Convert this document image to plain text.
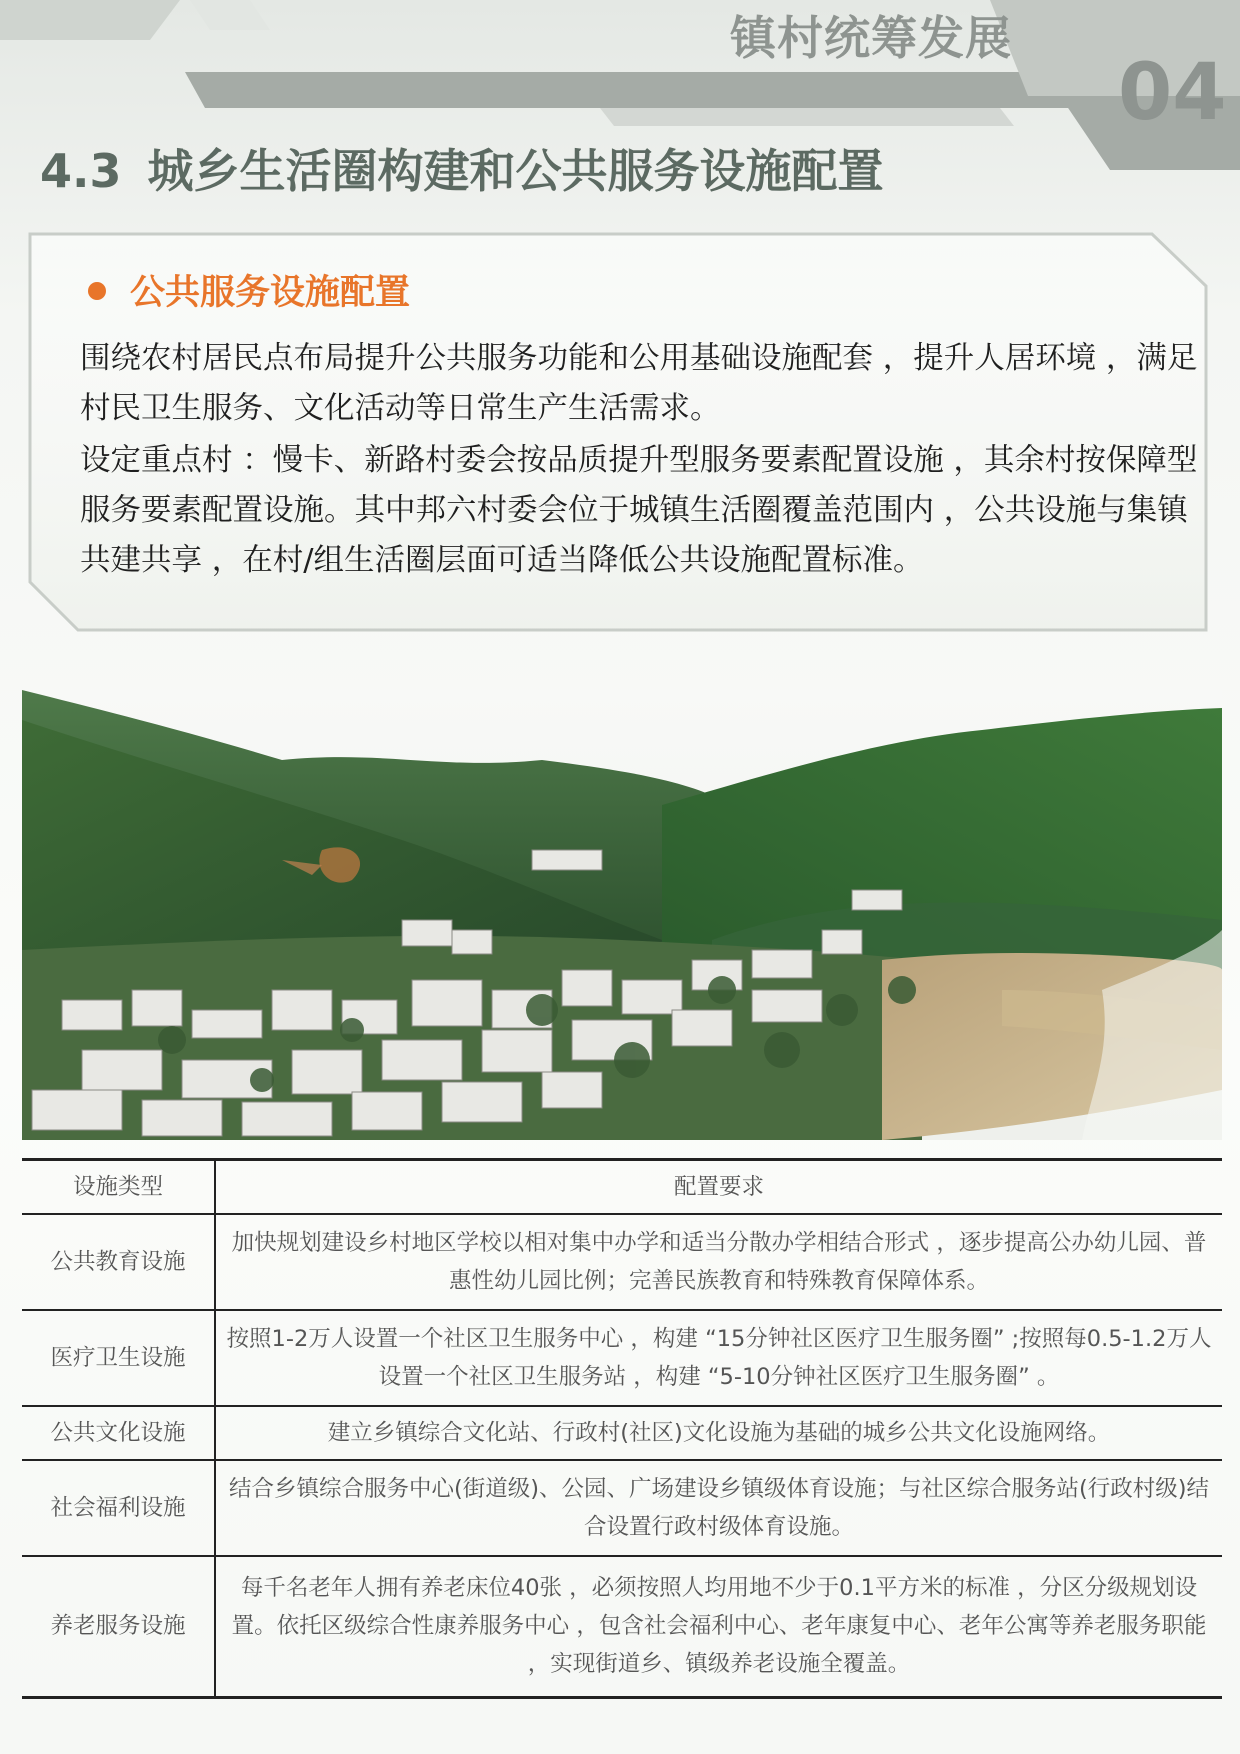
镇村统筹发展
04
4.3 城乡生活圈构建和公共服务设施配置
公共服务设施配置
围绕农村居民点布局提升公共服务功能和公用基础设施配套 ，提升人居环境 ，满足村民卫生服务、文化活动等日常生产生活需求。
设定重点村 ：慢卡、新路村委会按品质提升型服务要素配置设施 ，其余村按保障型服务要素配置设施。其中邦六村委会位于城镇生活圈覆盖范围内 ，公共设施与集镇共建共享 ，在村/组生活圈层面可适当降低公共设施配置标准。
设施类型	配置要求
公共教育设施	加快规划建设乡村地区学校以相对集中办学和适当分散办学相结合形式 ，逐步提高公办幼儿园、普惠性幼儿园比例；完善民族教育和特殊教育保障体系。
医疗卫生设施	按照1-2万人设置一个社区卫生服务中心 ，构建 “15分钟社区医疗卫生服务圈” ;按照每0.5-1.2万人设置一个社区卫生服务站 ，构建 “5-10分钟社区医疗卫生服务圈” 。
公共文化设施	建立乡镇综合文化站、行政村(社区)文化设施为基础的城乡公共文化设施网络。
社会福利设施	结合乡镇综合服务中心(街道级)、公园、广场建设乡镇级体育设施；与社区综合服务站(行政村级)结合设置行政村级体育设施。
养老服务设施	每千名老年人拥有养老床位40张 ，必须按照人均用地不少于0.1平方米的标准 ，分区分级规划设置。依托区级综合性康养服务中心 ，包含社会福利中心、老年康复中心、老年公寓等养老服务职能 ，实现街道乡、镇级养老设施全覆盖。
